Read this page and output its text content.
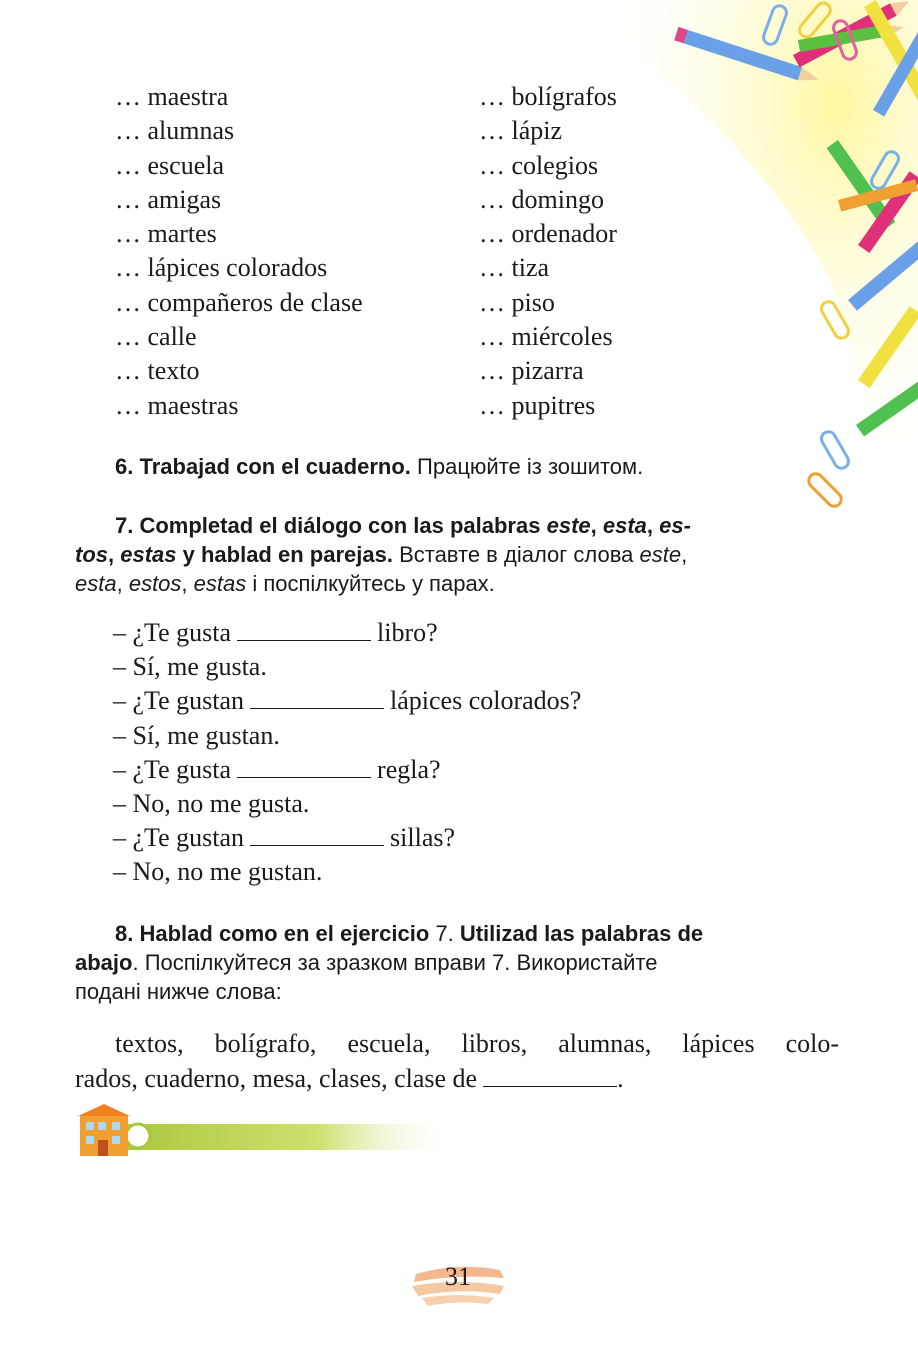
… maestra
… alumnas
… escuela
… amigas
… martes
… lápices colorados
… compañeros de clase
… calle
… texto
… maestras
… bolígrafos
… lápiz
… colegios
… domingo
… ordenador
… tiza
… piso
… miércoles
… pizarra
… pupitres
6. Trabajad con el cuaderno. Працюйте із зошитом.
7. Completad el diálogo con las palabras este, esta, es-
tos, estas y hablad en parejas. Вставте в діалог слова este,
esta, estos, estas і поспілкуйтесь у парах.
– ¿Te gusta	libro?
– Sí, me gusta.
– ¿Te gustan	lápices colorados?
– Sí, me gustan.
– ¿Te gusta	regla?
– No, no me gusta.
– ¿Te gustan	sillas?
– No, no me gustan.
8. Hablad como en el ejercicio 7. Utilizad las palabras de
abajo. Поспілкуйтеся за зразком вправи 7. Використайте
подані нижче слова:
textos, bolígrafo, escuela, libros, alumnas, lápices colo-
rados, cuaderno, mesa, clases, clase de	.
31
